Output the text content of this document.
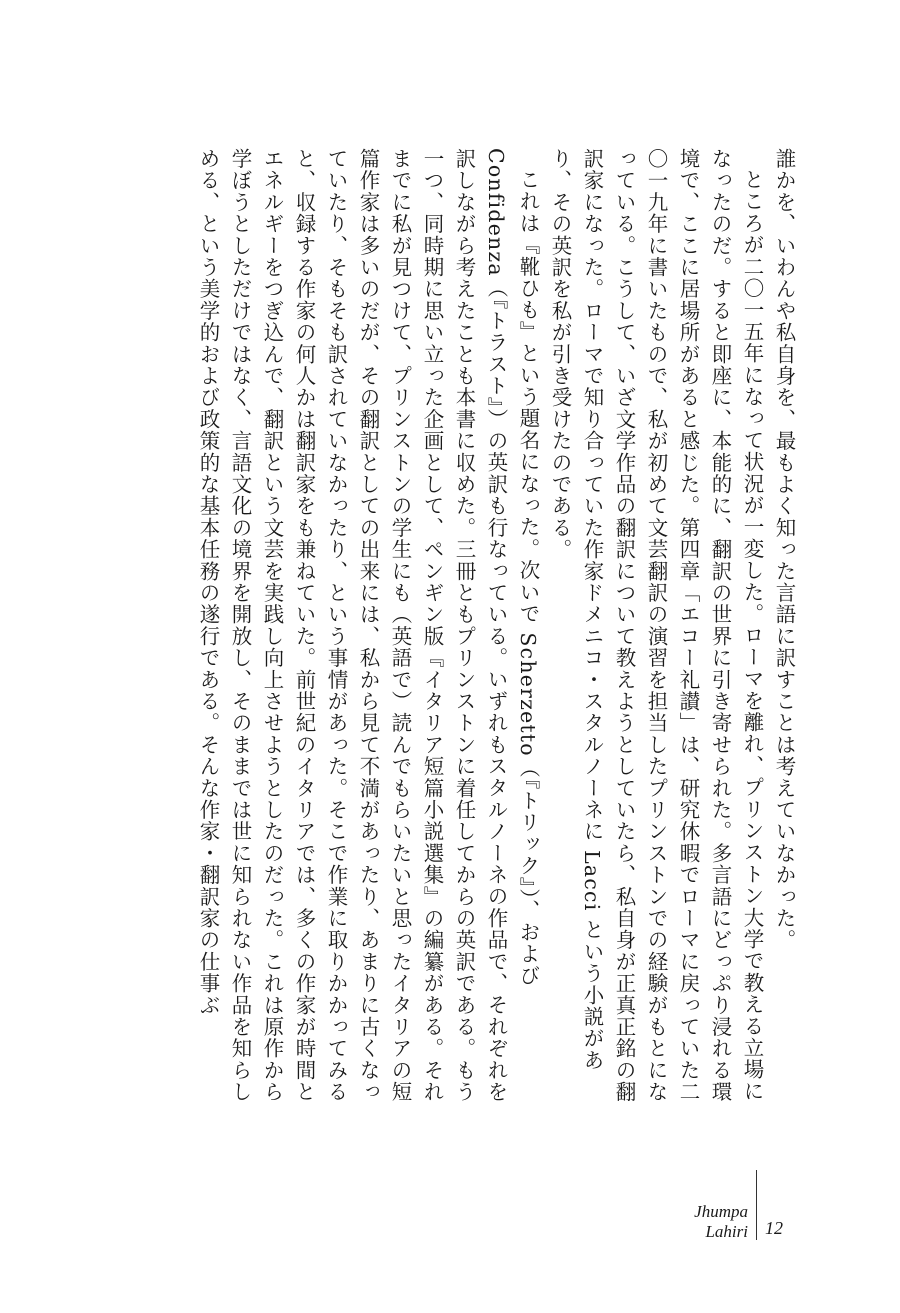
誰かを、いわんや私自身を、最もよく知った言語に訳すことは考えていなかった。

ところが二〇一五年になって状況が一変した。ローマを離れ、プリンストン大学で教える立場になったのだ。すると即座に、本能的に、翻訳の世界に引き寄せられた。多言語にどっぷり浸れる環境で、ここに居場所があると感じた。第四章「エコー礼讃」は、研究休暇でローマに戻っていた二〇一九年に書いたもので、私が初めて文芸翻訳の演習を担当したプリンストンでの経験がもとになっている。こうして、いざ文学作品の翻訳について教えようとしていたら、私自身が正真正銘の翻訳家になった。ローマで知り合っていた作家ドメニコ・スタルノーネに Lacci という小説があり、その英訳を私が引き受けたのである。

これは『靴ひも』という題名になった。次いで Scherzetto（『トリック』）、および Confidenza（『トラスト』）の英訳も行なっている。いずれもスタルノーネの作品で、それぞれを訳しながら考えたことも本書に収めた。三冊ともプリンストンに着任してからの英訳である。もう一つ、同時期に思い立った企画として、ペンギン版『イタリア短篇小説選集』の編纂がある。それまでに私が見つけて、プリンストンの学生にも（英語で）読んでもらいたいと思ったイタリアの短篇作家は多いのだが、その翻訳としての出来には、私から見て不満があったり、あまりに古くなっていたり、そもそも訳されていなかったり、という事情があった。そこで作業に取りかかってみると、収録する作家の何人かは翻訳家をも兼ねていた。前世紀のイタリアでは、多くの作家が時間とエネルギーをつぎ込んで、翻訳という文芸を実践し向上させようとしたのだった。これは原作から学ぼうとしただけではなく、言語文化の境界を開放し、そのままでは世に知られない作品を知らしめる、という美学的および政策的な基本任務の遂行である。そんな作家・翻訳家の仕事ぶ

Jhumpa Lahiri 12
